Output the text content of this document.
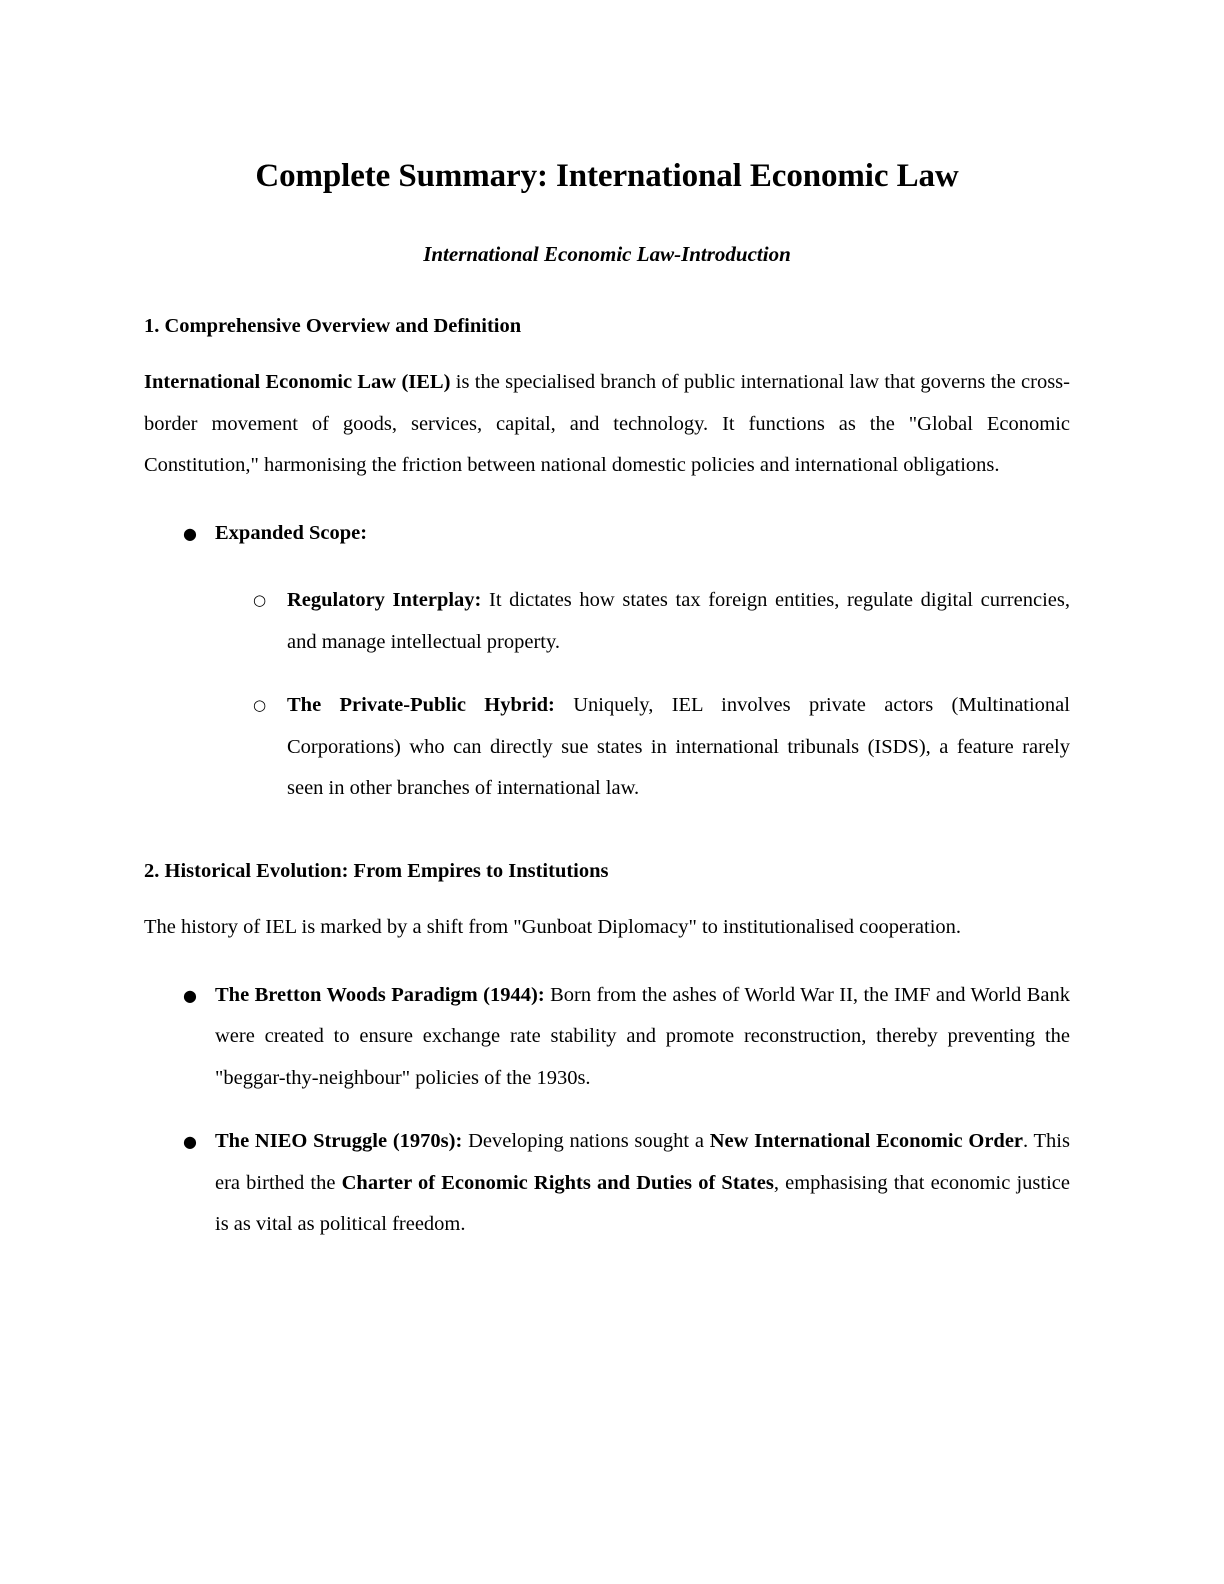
Complete Summary: International Economic Law
International Economic Law-Introduction
1. Comprehensive Overview and Definition

International Economic Law (IEL) is the specialised branch of public international law that governs the cross-border movement of goods, services, capital, and technology. It functions as the "Global Economic Constitution," harmonising the friction between national domestic policies and international obligations.

● Expanded Scope:
○ Regulatory Interplay: It dictates how states tax foreign entities, regulate digital currencies, and manage intellectual property.
○ The Private-Public Hybrid: Uniquely, IEL involves private actors (Multinational Corporations) who can directly sue states in international tribunals (ISDS), a feature rarely seen in other branches of international law.
2. Historical Evolution: From Empires to Institutions

The history of IEL is marked by a shift from "Gunboat Diplomacy" to institutionalised cooperation.

● The Bretton Woods Paradigm (1944): Born from the ashes of World War II, the IMF and World Bank were created to ensure exchange rate stability and promote reconstruction, thereby preventing the "beggar-thy-neighbour" policies of the 1930s.
● The NIEO Struggle (1970s): Developing nations sought a New International Economic Order. This era birthed the Charter of Economic Rights and Duties of States, emphasising that economic justice is as vital as political freedom.
